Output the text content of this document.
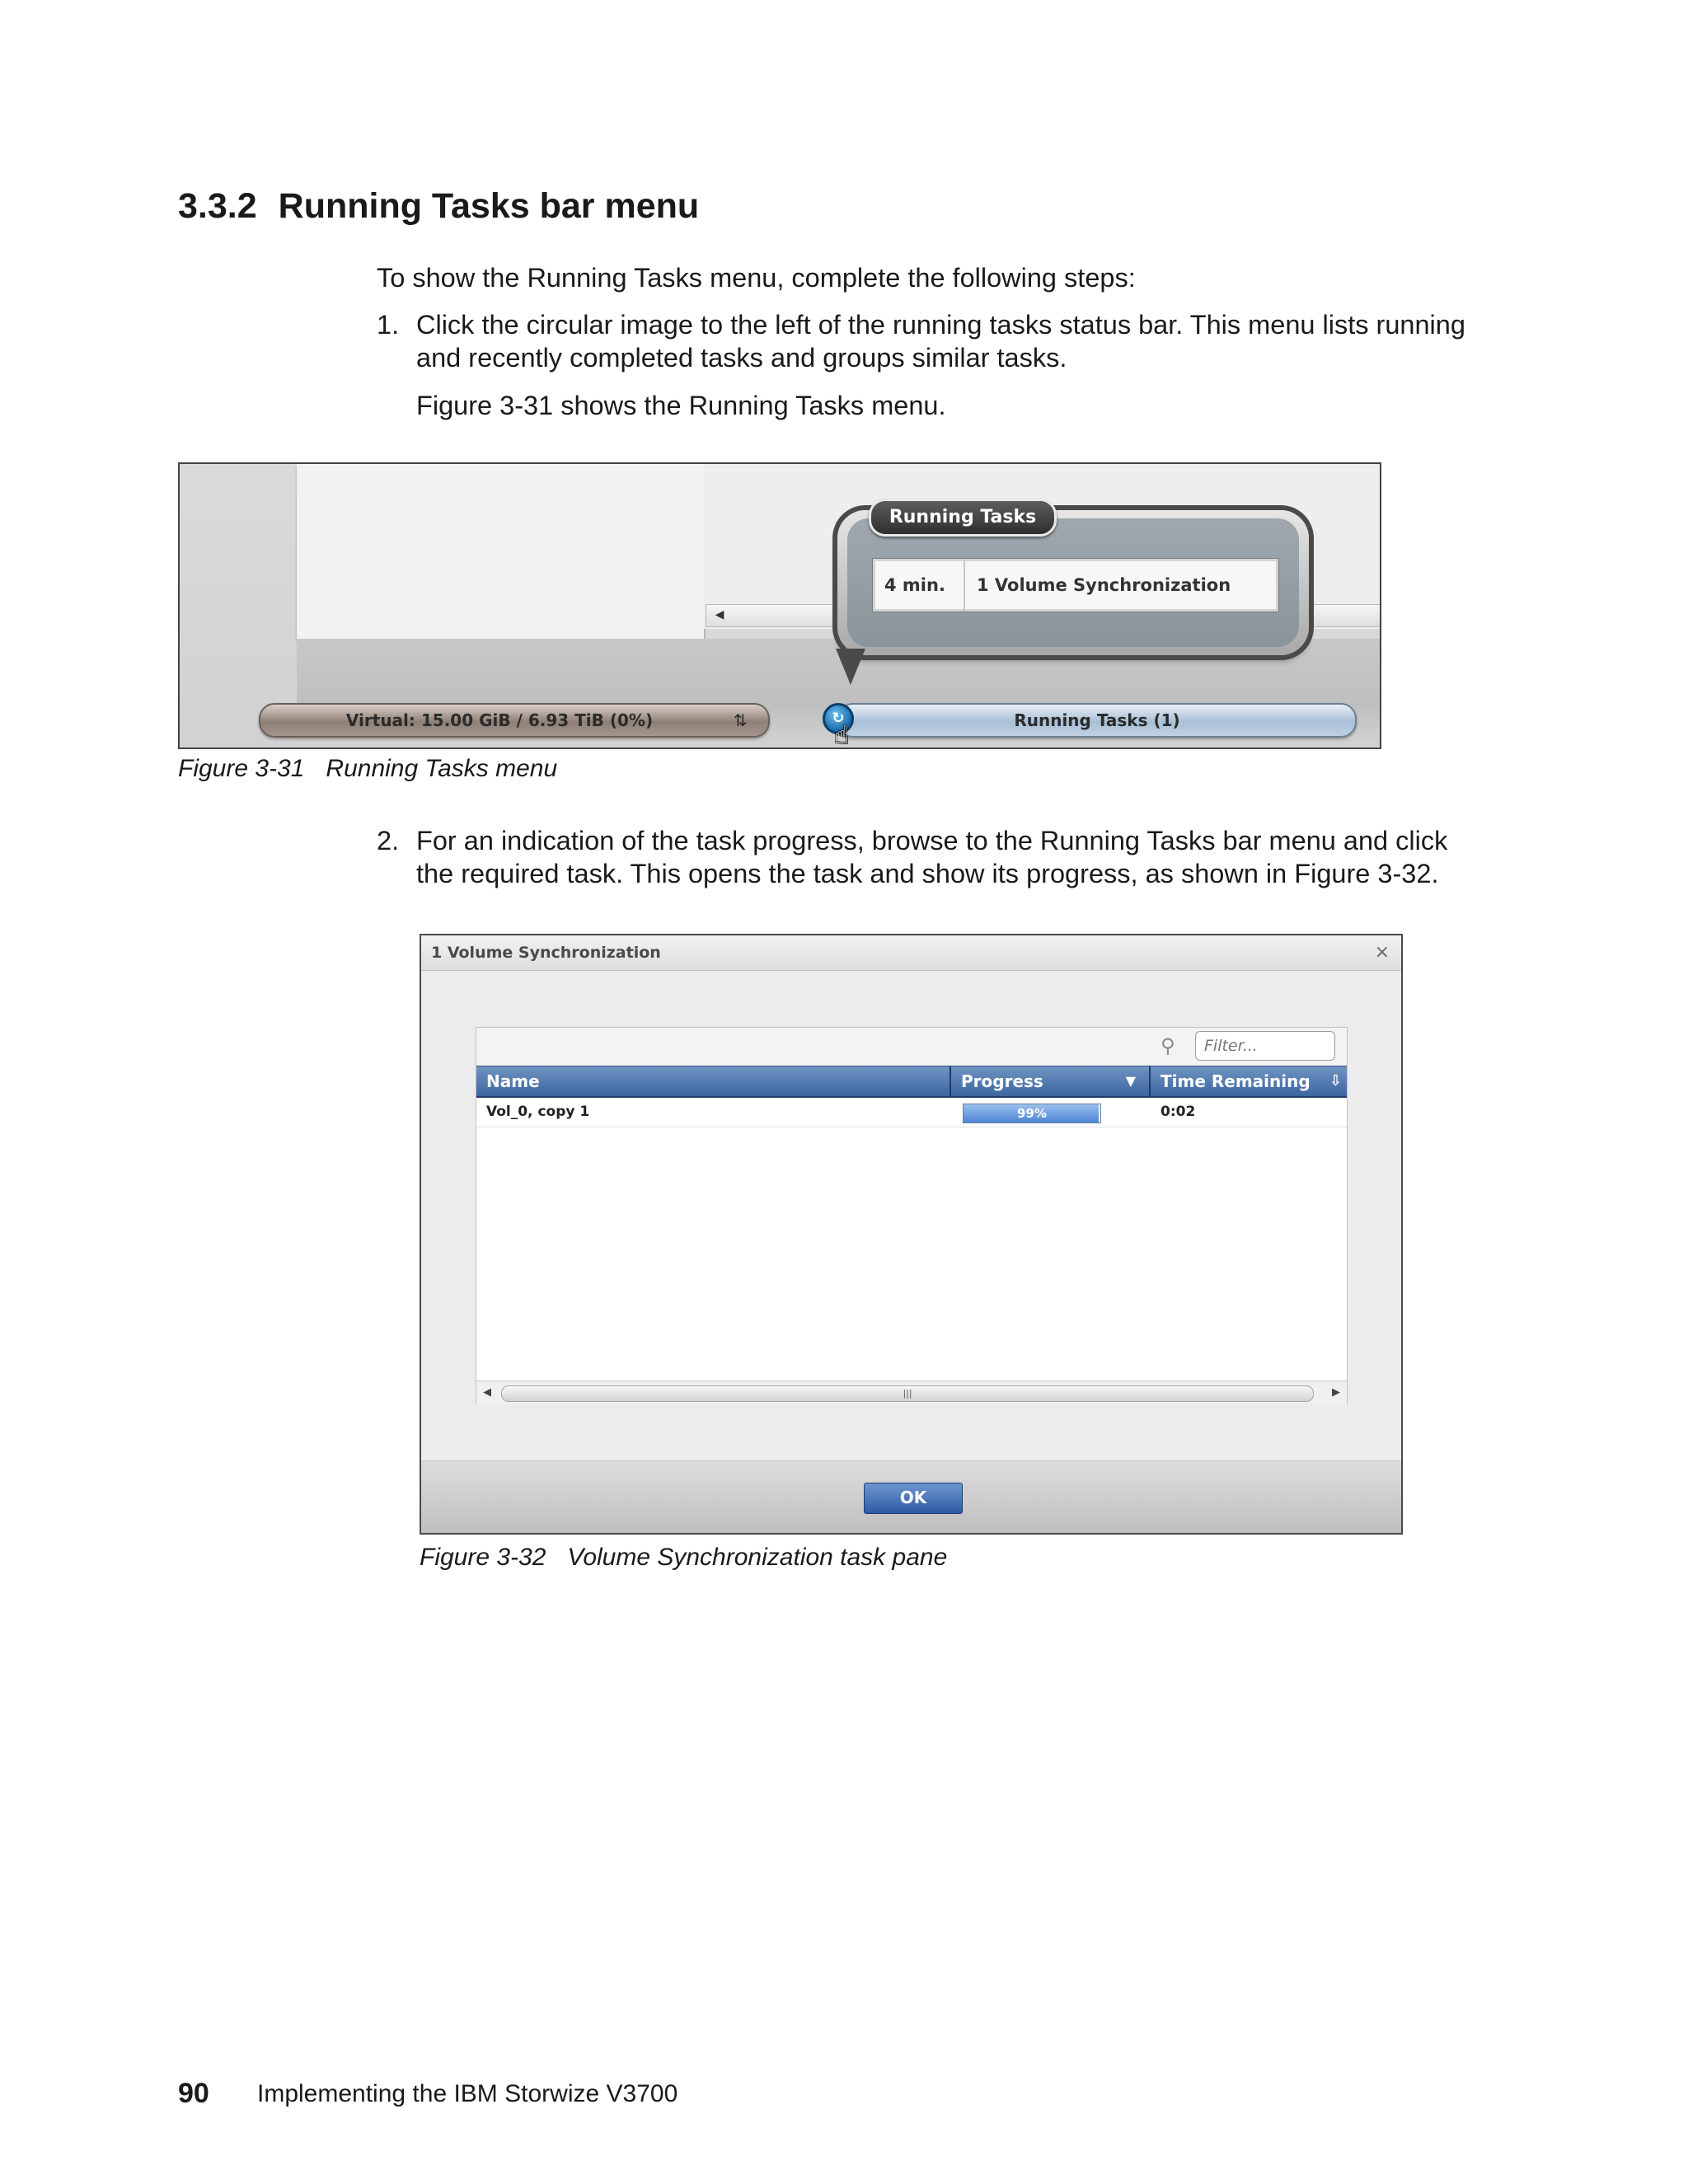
3.3.2 Running Tasks bar menu
To show the Running Tasks menu, complete the following steps:
1. Click the circular image to the left of the running tasks status bar. This menu lists running
and recently completed tasks and groups similar tasks.
Figure 3-31 shows the Running Tasks menu.
◀
Running Tasks
4 min.	1 Volume Synchronization
Virtual: 15.00 GiB / 6.93 TiB (0%)	⇅	Running Tasks (1)
↻
☝
Figure 3-31 Running Tasks menu
2. For an indication of the task progress, browse to the Running Tasks bar menu and click
the required task. This opens the task and show its progress, as shown in Figure 3-32.
1 Volume Synchronization	×
⚲
Filter...
Name	Progress	▼	Time Remaining ⇩
Vol_0, copy 1	99%	0:02
◀	|||	▶
OK
Figure 3-32 Volume Synchronization task pane
90 Implementing the IBM Storwize V3700
